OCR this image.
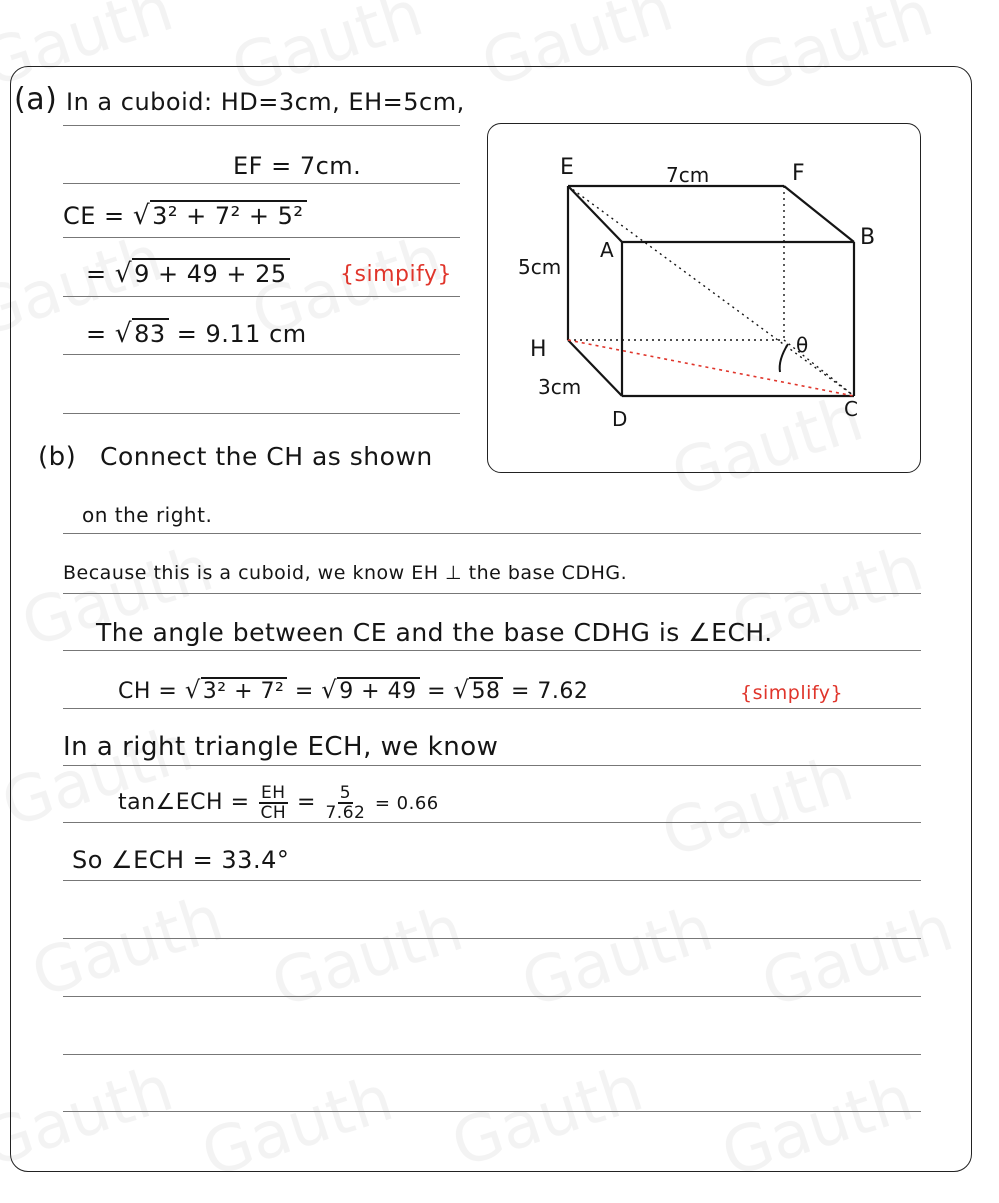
(a) In a cuboid: HD=3cm, EH=5cm,
EF = 7cm.
CE = √3² + 7² + 5²
= √9 + 49 + 25 {simpify}
= √83 = 9.11 cm
E	F
A	B
H
C
D
7cm
5cm
3cm
θ
(b) Connect the CH as shown
on the right.
Because this is a cuboid, we know EH ⊥ the base CDHG.
The angle between CE and the base CDHG is ∠ECH.
CH = √3² + 7² = √9 + 49 = √58 = 7.62	{simplify}
In a right triangle ECH, we know
tan∠ECH = $\frac{EH}{CH} = \frac{5}{7.62} = 0.66$
So ∠ECH = 33.4°
